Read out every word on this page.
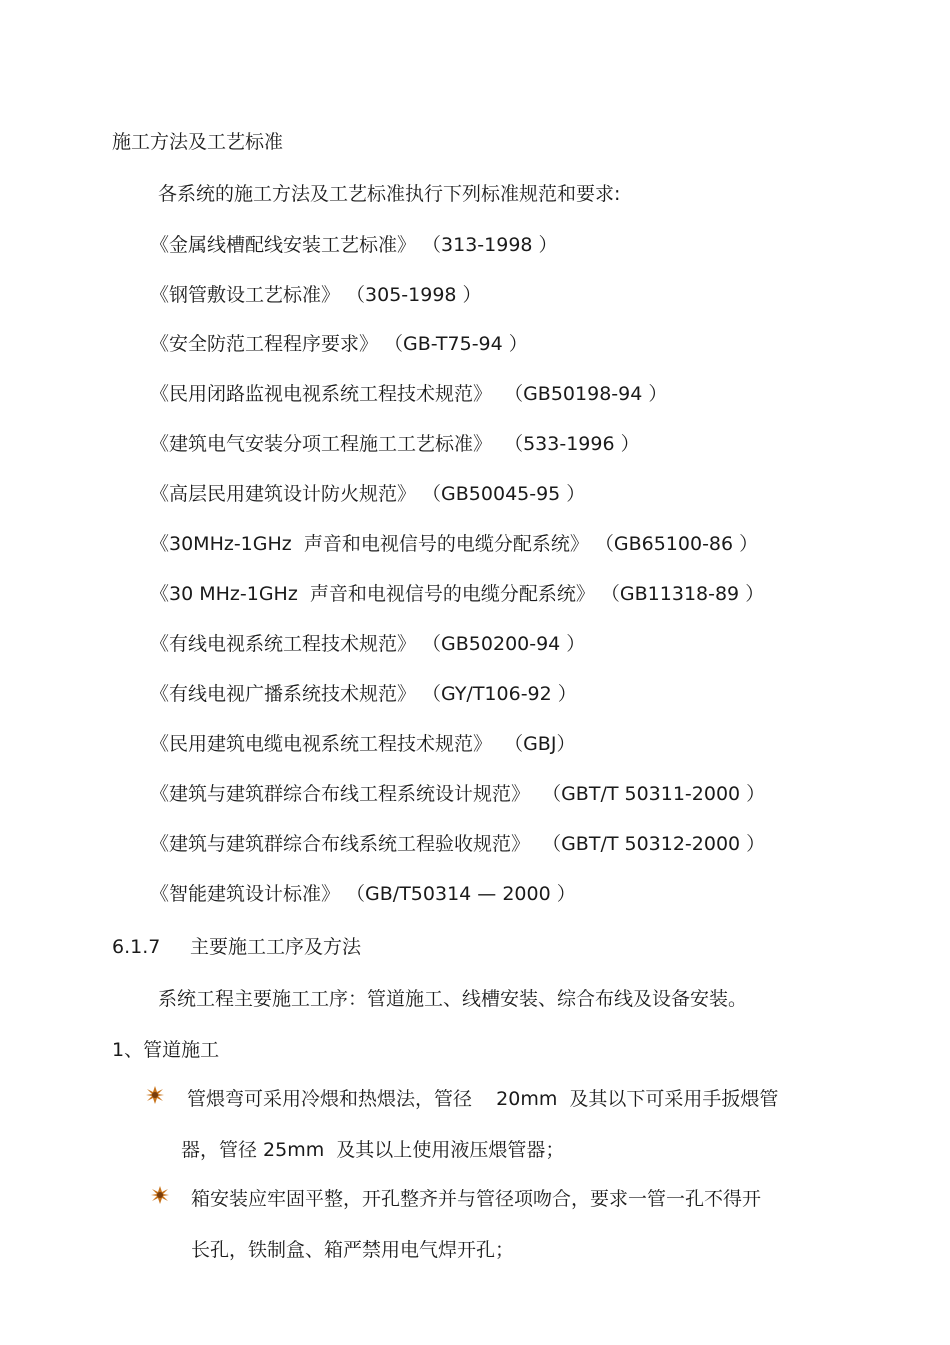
施工方法及工艺标准

各系统的施工方法及工艺标准执行下列标准规范和要求:

《金属线槽配线安装工艺标准》 （313-1998 ）

《钢管敷设工艺标准》 （305-1998 ）

《安全防范工程程序要求》 （GB-T75-94 ）

《民用闭路监视电视系统工程技术规范》  （GB50198-94 ）

《建筑电气安装分项工程施工工艺标准》  （533-1996 ）

《高层民用建筑设计防火规范》 （GB50045-95 ）

《30MHz-1GHz  声音和电视信号的电缆分配系统》 （GB65100-86 ）

《30 MHz-1GHz  声音和电视信号的电缆分配系统》 （GB11318-89 ）

《有线电视系统工程技术规范》 （GB50200-94 ）

《有线电视广播系统技术规范》 （GY/T106-92 ）

《民用建筑电缆电视系统工程技术规范》  （GBJ）

《建筑与建筑群综合布线工程系统设计规范》  （GBT/T 50311-2000 ）

《建筑与建筑群综合布线系统工程验收规范》  （GBT/T 50312-2000 ）

《智能建筑设计标准》 （GB/T50314 — 2000 ）

6.1.7 主要施工工序及方法

系统工程主要施工工序：管道施工、线槽安装、综合布线及设备安装。

1、管道施工

管煨弯可采用冷煨和热煨法，管径    20mm  及其以下可采用手扳煨管

器，管径 25mm  及其以上使用液压煨管器；

箱安装应牢固平整，开孔整齐并与管径项吻合，要求一管一孔不得开

长孔，铁制盒、箱严禁用电气焊开孔；
